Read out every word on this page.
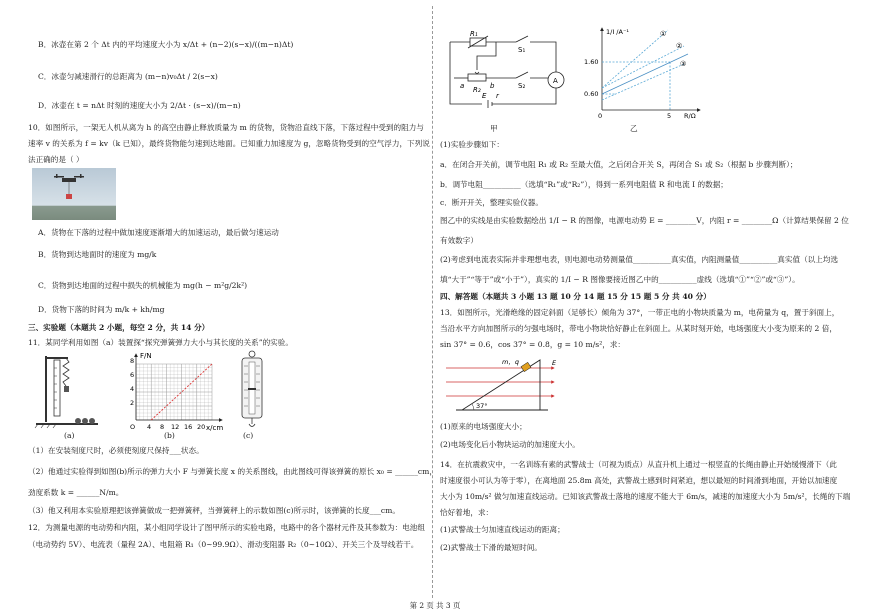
B．冰壶在第 2 个 Δt 内的平均速度大小为 x/Δt + (n−2)(s−x)/((m−n)Δt)
C．冰壶匀减速滑行的总距离为 (m−n)v₀Δt / 2(s−x)
D．冰壶在 t = nΔt 时刻的速度大小为 2/Δt · (s−x)/(m−n)
10．如图所示，一架无人机从离为 h 的高空由静止释放质量为 m 的货物，货物沿直线下落，下落过程中受到的阻力与
速率 v 的关系为 f = kv（k 已知），最终货物能匀速到达地面。已知重力加速度为 g，忽略货物受到的空气浮力，下列说
法正确的是（ ）
A．货物在下落的过程中做加速度逐渐增大的加速运动，最后做匀速运动
B．货物到达地面时的速度为 mg/k
C．货物到达地面的过程中损失的机械能为 mg(h − m²g/2k²)
D．货物下落的时间为 m/k + kh/mg
三、实验题（本题共 2 小题，每空 2 分，共 14 分）
11．某同学利用如图（a）装置探“探究弹簧弹力大小与其长度的关系”的实验。
(a)
F/N
x/cm
2
4
6
8
O 4 8 12 16 20
(b)	(c)
（1）在安装刻度尺时，必须使刻度尺保持___状态。
（2）他通过实验得到如图(b)所示的弹力大小 F 与弹簧长度 x 的关系图线，由此图线可得该弹簧的原长 x₀ = ______cm，
劲度系数 k = ______N/m。
（3）他又利用本实验原理把该弹簧做成一把弹簧秤，当弹簧秤上的示数如图(c)所示时，该弹簧的长度___cm。
12．为测量电源的电动势和内阻，某小组同学设计了图甲所示的实验电路，电路中的各个器材元件及其参数为：电池组
（电动势约 5V）、电流表（量程 2A）、电阻箱 R₁（0~99.9Ω）、滑动变阻器 R₂（0~10Ω）、开关三个及导线若干。
R₁
S₁
a R₂ b	S₂
E r
A
甲
1/I /A⁻¹
R/Ω
1.60
0.60
0	5
①
②
③
乙
(1)实验步骤如下：
a．在闭合开关前，调节电阻 R₁ 或 R₂ 至最大值，之后闭合开关 S，再闭合 S₁ 或 S₂（根据 b 步骤判断）；
b．调节电阻__________（选填“R₁”或“R₂”），得到一系列电阻值 R 和电流 I 的数据；
c．断开开关，整理实验仪器。
图乙中的实线是由实验数据绘出 1/I − R 的图像，电源电动势 E = ________V，内阻 r = ________Ω（计算结果保留 2 位
有效数字）
(2)考虑到电流表实际并非理想电表，则电源电动势测量值__________真实值，内阻测量值__________真实值（以上均选
填“大于”“等于”或“小于”），真实的 1/I − R 图像要接近图乙中的__________虚线（选填“①”“②”或“③”）。
四、解答题（本题共 3 小题 13 题 10 分 14 题 15 分 15 题 5 分 共 40 分）
13．如图所示，光滑绝缘的固定斜面（足够长）倾角为 37°，一带正电的小物块质量为 m，电荷量为 q，置于斜面上，
当沿水平方向加图所示的匀强电场时，带电小物块恰好静止在斜面上。从某时刻开始，电场强度大小变为原来的 2 倍，
sin 37° = 0.6，cos 37° = 0.8，g = 10 m/s²，求：
m，q	E
37°
(1)原来的电场强度大小；
(2)电场变化后小物块运动的加速度大小。
14．在抗震救灾中，一名训练有素的武警战士（可视为质点）从直升机上通过一根竖直的长绳由静止开始缓慢滑下（此
时速度很小可认为等于零），在离地面 25.8m 高处，武警战士感到时间紧迫，想以最短的时间滑到地面，开始以加速度
大小为 10m/s² 做匀加速直线运动。已知该武警战士落地的速度不能大于 6m/s，减速的加速度大小为 5m/s²，长绳的下端
恰好着地，求：
(1)武警战士匀加速直线运动的距离；
(2)武警战士下滑的最短时间。
第 2 页 共 3 页
